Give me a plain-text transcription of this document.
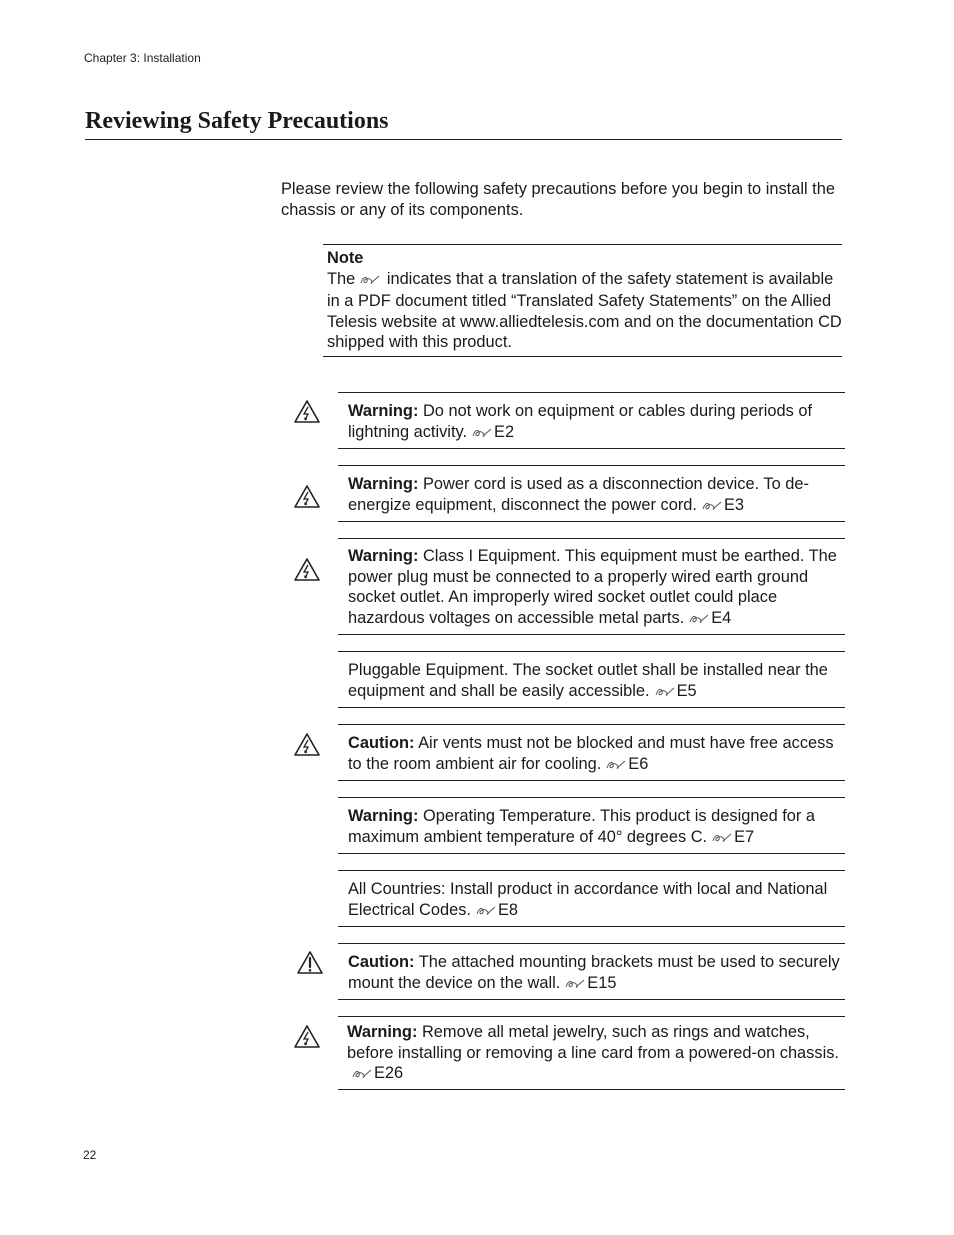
Chapter 3: Installation
Reviewing Safety Precautions

Please review the following safety precautions before you begin to install the chassis or any of its components.

Note
The indicates that a translation of the safety statement is available in a PDF document titled “Translated Safety Statements” on the Allied Telesis website at www.alliedtelesis.com and on the documentation CD shipped with this product.
Warning: Do not work on equipment or cables during periods of lightning activity. E2
Warning: Power cord is used as a disconnection device. To de-energize equipment, disconnect the power cord. E3
Warning: Class I Equipment. This equipment must be earthed. The power plug must be connected to a properly wired earth ground socket outlet. An improperly wired socket outlet could place hazardous voltages on accessible metal parts. E4
Pluggable Equipment. The socket outlet shall be installed near the equipment and shall be easily accessible. E5
Caution: Air vents must not be blocked and must have free access to the room ambient air for cooling. E6
Warning: Operating Temperature. This product is designed for a maximum ambient temperature of 40° degrees C. E7
All Countries: Install product in accordance with local and National Electrical Codes. E8
Caution: The attached mounting brackets must be used to securely mount the device on the wall. E15
Warning: Remove all metal jewelry, such as rings and watches, before installing or removing a line card from a powered-on chassis.E26
22
